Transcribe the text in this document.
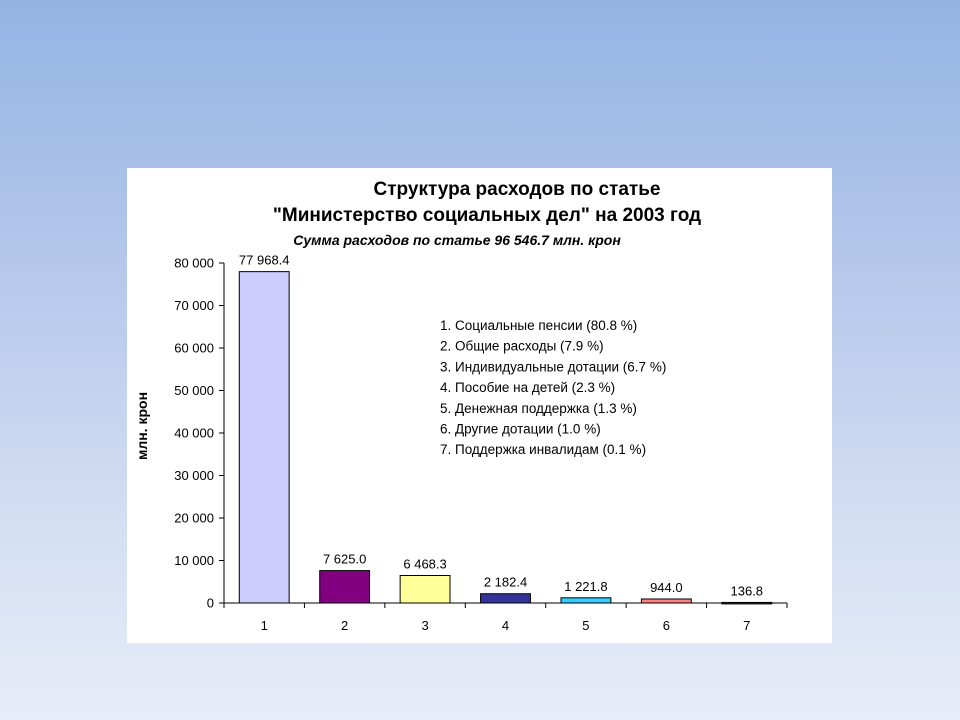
Структура расходов по статье
"Министерство социальных дел" на 2003 год
Сумма расходов по статье 96 546.7 млн. крон
млн. крон
0
10 000
20 000
30 000
40 000
50 000
60 000
70 000
80 000 77 968.4
1
7 625.0
2
6 468.3
3
2 182.4
4
1 221.8
5
944.0
6
136.8
7
1. Социальные пенсии (80.8 %)
2. Общие расходы (7.9 %)
3. Индивидуальные дотации (6.7 %)
4. Пособие на детей (2.3 %)
5. Денежная поддержка (1.3 %)
6. Другие дотации (1.0 %)
7. Поддержка инвалидам (0.1 %)
